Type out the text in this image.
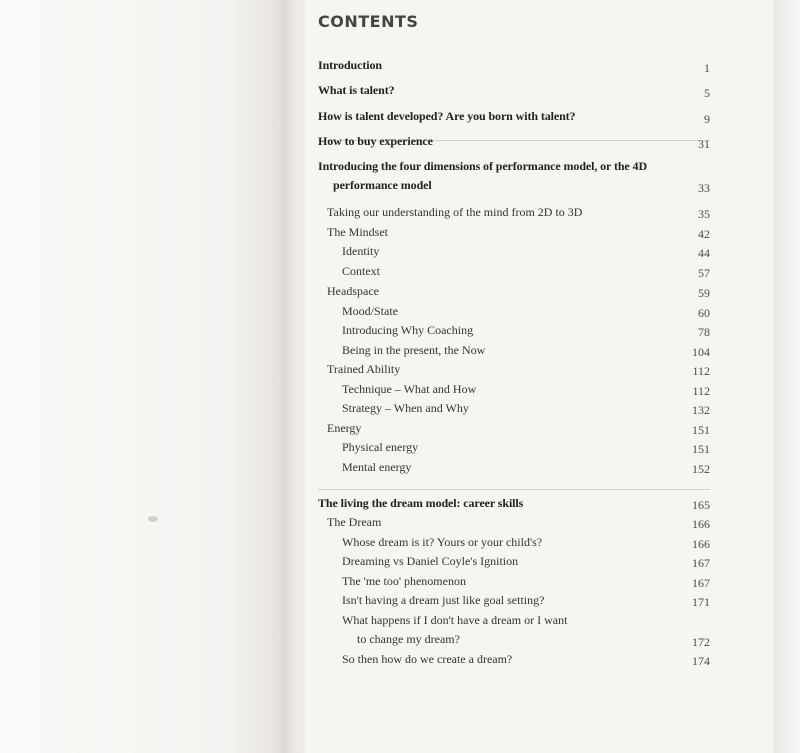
CONTENTS
Introduction	1
What is talent?	5
How is talent developed? Are you born with talent?	9
How to buy experience	31
Introducing the four dimensions of performance model, or the 4D
performance model	33
Taking our understanding of the mind from 2D to 3D	35
The Mindset	42
Identity	44
Context	57
Headspace	59
Mood/State	60
Introducing Why Coaching	78
Being in the present, the Now	104
Trained Ability	112
Technique – What and How	112
Strategy – When and Why	132
Energy	151
Physical energy	151
Mental energy	152
The living the dream model: career skills	165
The Dream	166
Whose dream is it? Yours or your child's?	166
Dreaming vs Daniel Coyle's Ignition	167
The 'me too' phenomenon	167
Isn't having a dream just like goal setting?	171
What happens if I don't have a dream or I want
to change my dream?	172
So then how do we create a dream?	174
